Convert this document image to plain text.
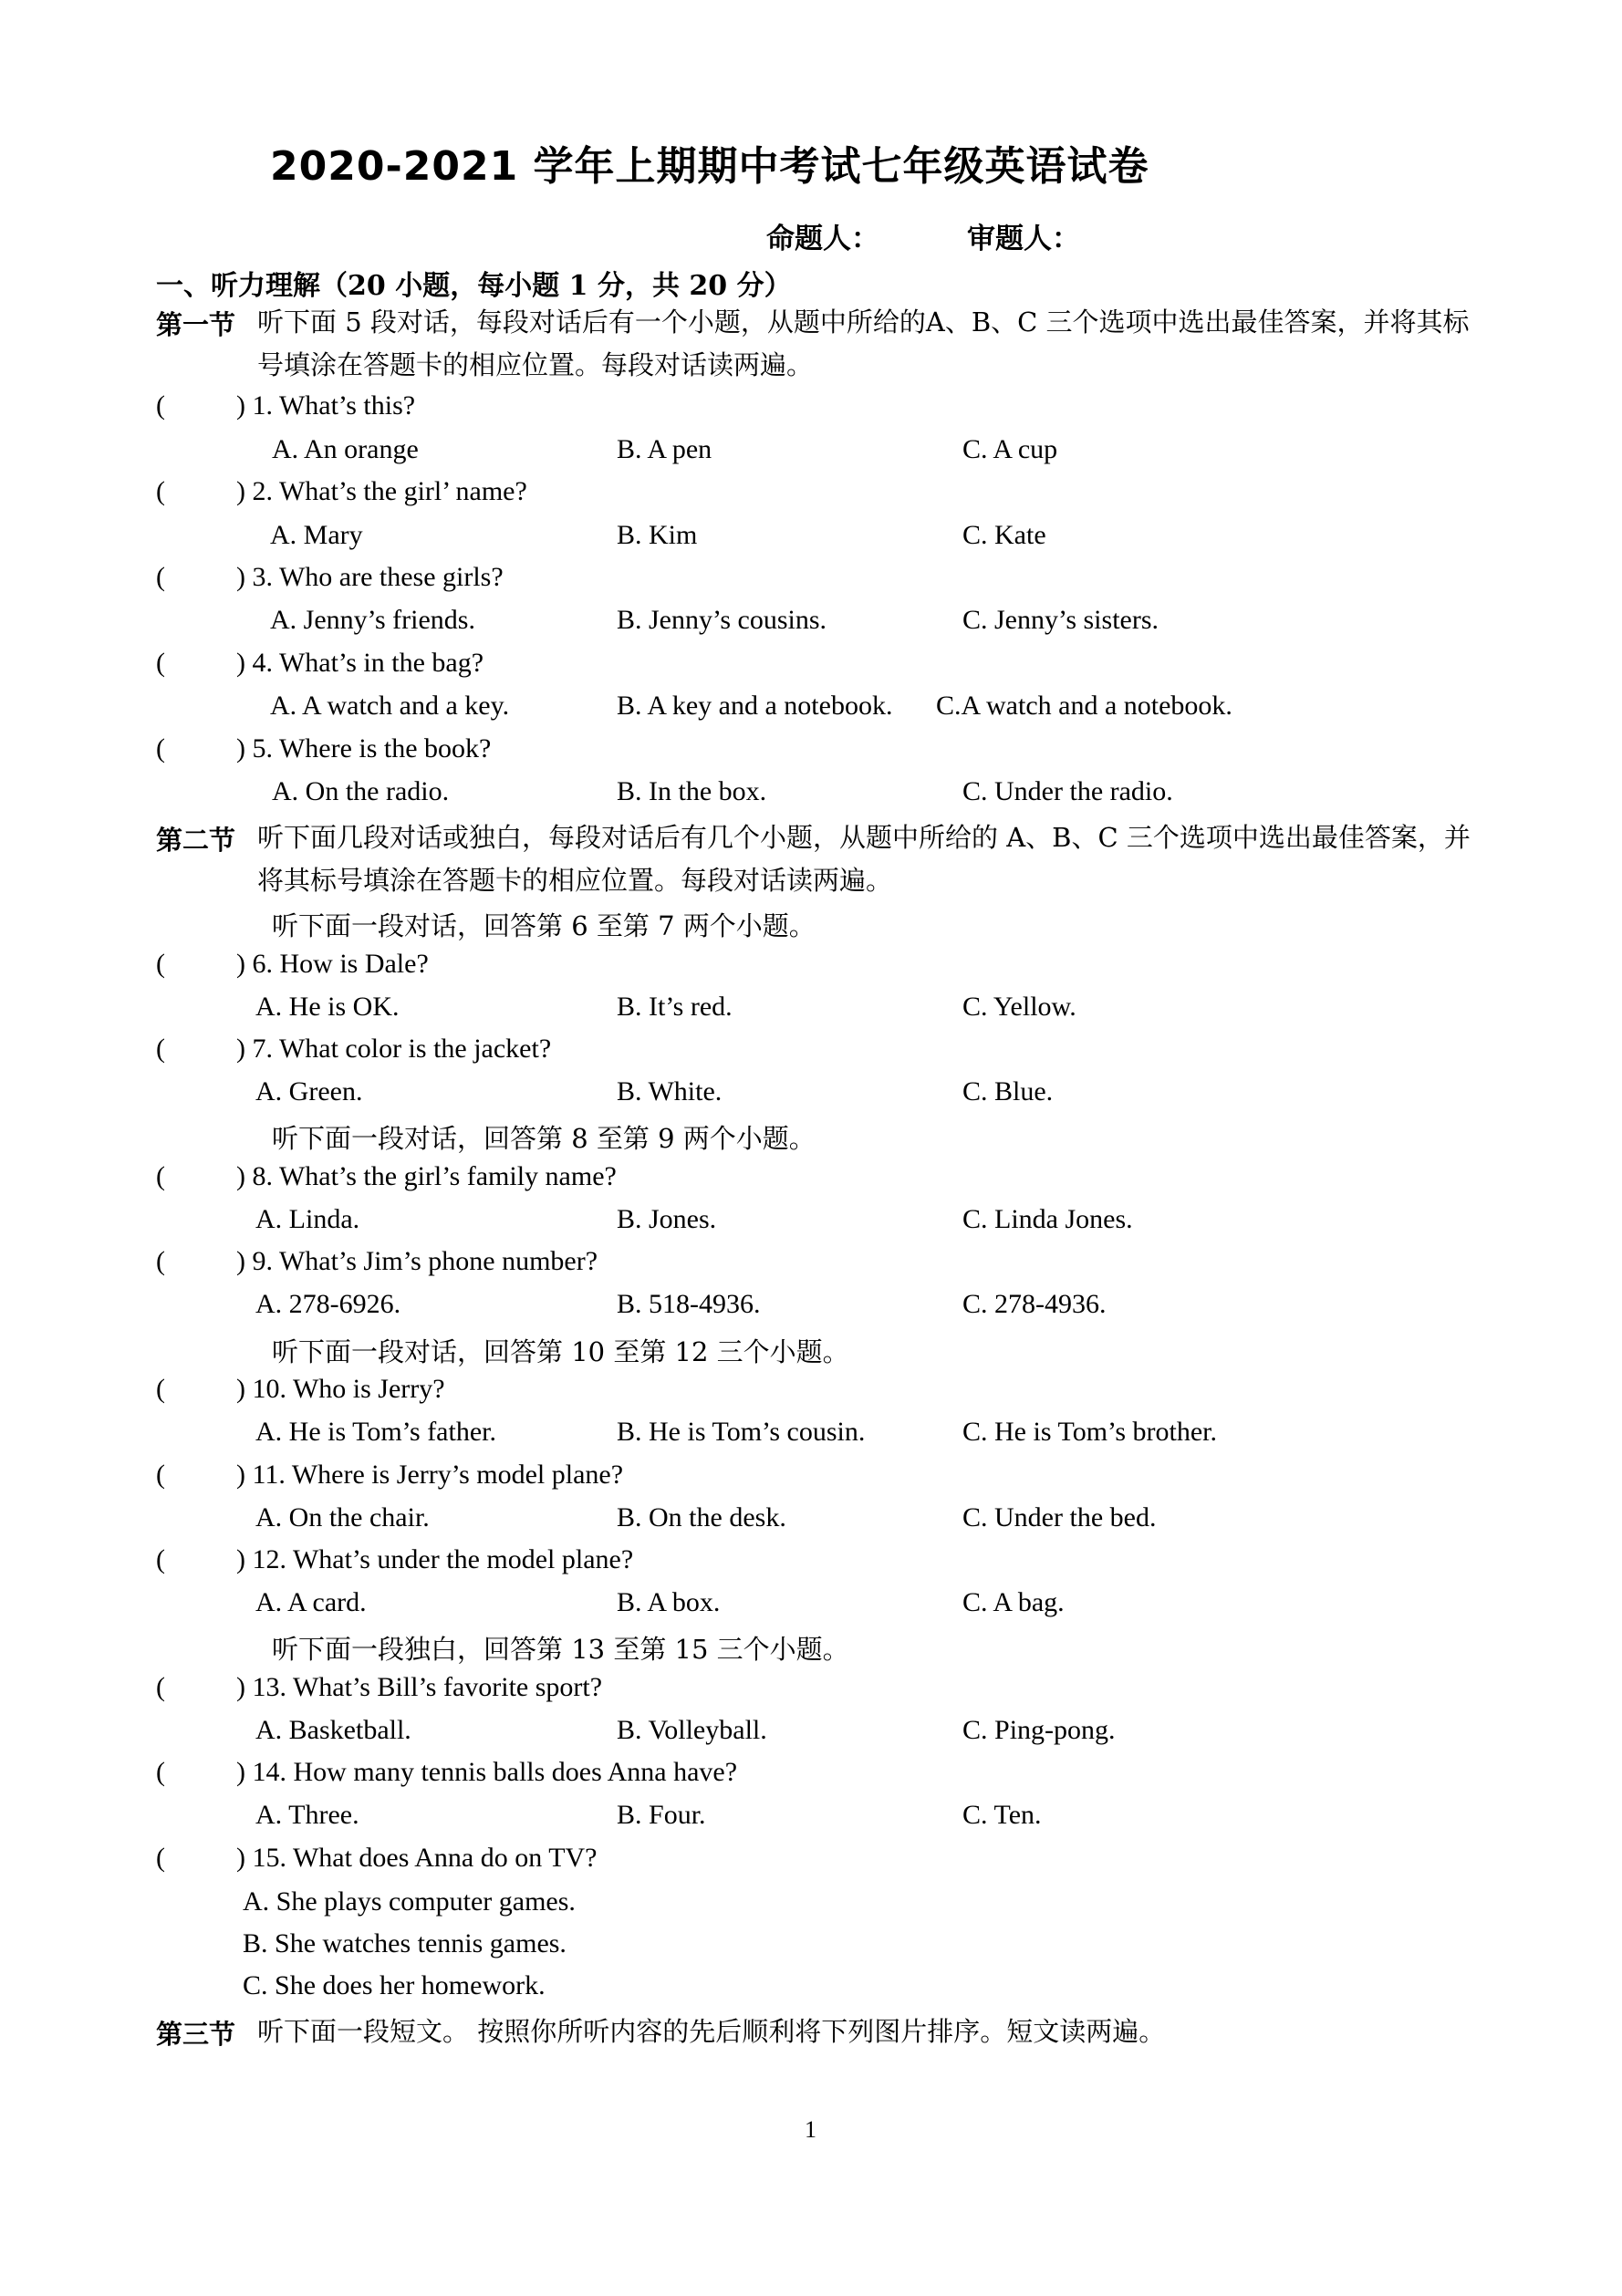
2020-2021 学年上期期中考试七年级英语试卷
命题人：	审题人：
一、听力理解（20 小题，每小题 1 分，共 20 分）
第一节 听下面 5 段对话，每段对话后有一个小题，从题中所给的A、B、C 三个选项中选出最佳答案，并将其标号填涂在答题卡的相应位置。每段对话读两遍。
(	) 1. What’s this?
A. An orange	B. A pen	C. A cup
(	) 2. What’s the girl’ name?
A. Mary	B. Kim	C. Kate
(	) 3. Who are these girls?
A. Jenny’s friends.	B. Jenny’s cousins.	C. Jenny’s sisters.
(	) 4. What’s in the bag?
A. A watch and a key.	B. A key and a notebook. C.A watch and a notebook.
(	) 5. Where is the book?
A. On the radio.	B. In the box.	C. Under the radio.
第二节 听下面几段对话或独白，每段对话后有几个小题，从题中所给的 A、B、C 三个选项中选出最佳答案，并将其标号填涂在答题卡的相应位置。每段对话读两遍。
听下面一段对话，回答第 6 至第 7 两个小题。
(	) 6. How is Dale?
A. He is OK.	B. It’s red.	C. Yellow.
(	) 7. What color is the jacket?
A. Green.	B. White.	C. Blue.
听下面一段对话，回答第 8 至第 9 两个小题。
(	) 8. What’s the girl’s family name?
A. Linda.	B. Jones.	C. Linda Jones.
(	) 9. What’s Jim’s phone number?
A. 278-6926.	B. 518-4936.	C. 278-4936.
听下面一段对话，回答第 10 至第 12 三个小题。
(	) 10. Who is Jerry?
A. He is Tom’s father.	B. He is Tom’s cousin.	C. He is Tom’s brother.
(	) 11. Where is Jerry’s model plane?
A. On the chair.	B. On the desk.	C. Under the bed.
(	) 12. What’s under the model plane?
A. A card.	B. A box.	C. A bag.
听下面一段独白，回答第 13 至第 15 三个小题。
(	) 13. What’s Bill’s favorite sport?
A. Basketball.	B. Volleyball.	C. Ping-pong.
(	) 14. How many tennis balls does Anna have?
A. Three.	B. Four.	C. Ten.
(	) 15. What does Anna do on TV?
A. She plays computer games.
B. She watches tennis games.
C. She does her homework.
第三节 听下面一段短文。 按照你所听内容的先后顺利将下列图片排序。短文读两遍。
1
